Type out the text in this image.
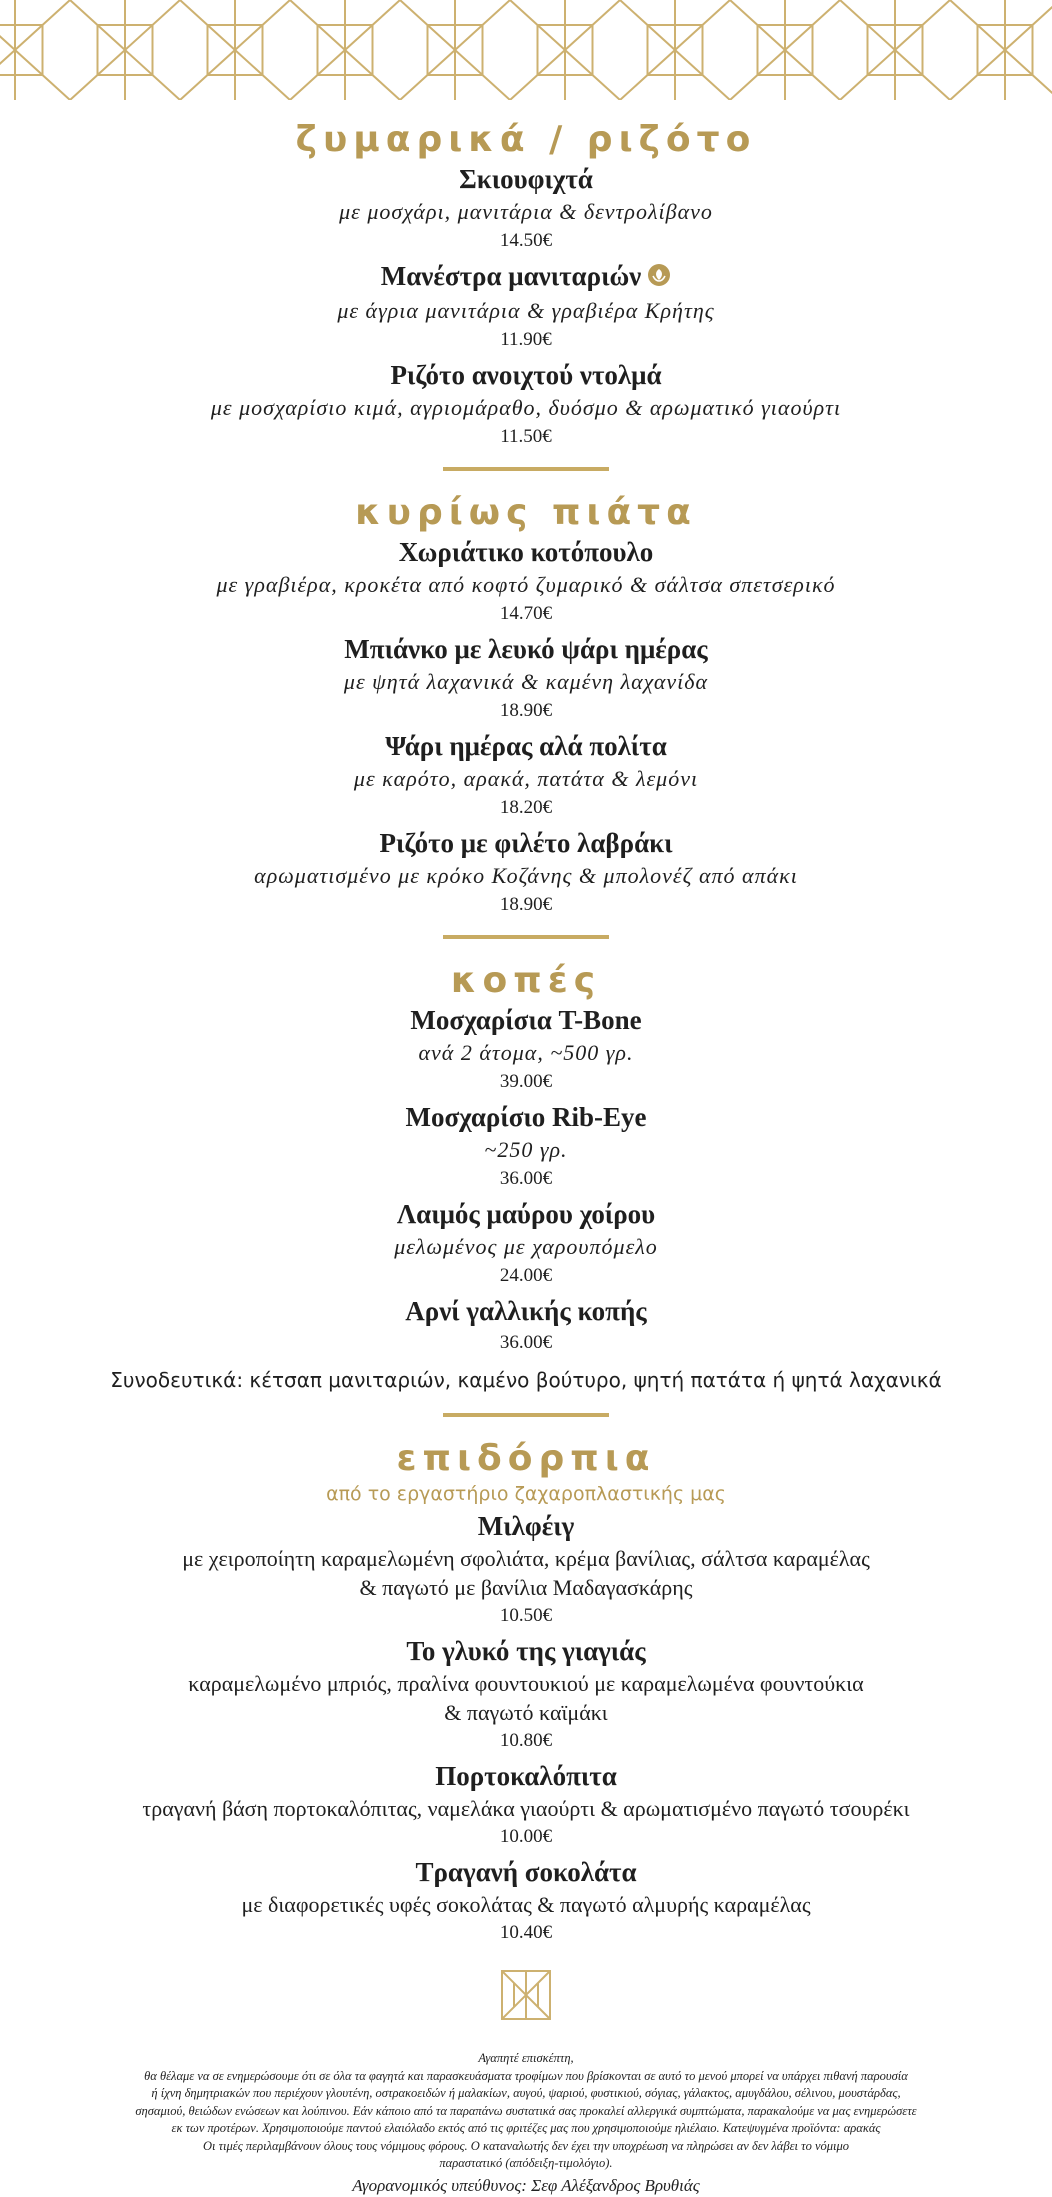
ζυμαρικά / ριζότο
Σκιουφιχτά
με μοσχάρι, μανιτάρια & δεντρολίβανο
14.50€
Μανέστρα μανιταριών
με άγρια μανιτάρια & γραβιέρα Κρήτης
11.90€
Ριζότο ανοιχτού ντολμά
με μοσχαρίσιο κιμά, αγριομάραθο, δυόσμο & αρωματικό γιαούρτι
11.50€
κυρίως πιάτα
Χωριάτικο κοτόπουλο
με γραβιέρα, κροκέτα από κοφτό ζυμαρικό & σάλτσα σπετσερικό
14.70€
Μπιάνκο με λευκό ψάρι ημέρας
με ψητά λαχανικά & καμένη λαχανίδα
18.90€
Ψάρι ημέρας αλά πολίτα
με καρότο, αρακά, πατάτα & λεμόνι
18.20€
Ριζότο με φιλέτο λαβράκι
αρωματισμένο με κρόκο Κοζάνης & μπολονέζ από απάκι
18.90€
κοπές
Μοσχαρίσια T-Bone
ανά 2 άτομα, ~500 γρ.
39.00€
Μοσχαρίσιο Rib-Eye
~250 γρ.
36.00€
Λαιμός μαύρου χοίρου
μελωμένος με χαρουπόμελο
24.00€
Αρνί γαλλικής κοπής
36.00€
Συνοδευτικά: κέτσαπ μανιταριών, καμένο βούτυρο, ψητή πατάτα ή ψητά λαχανικά
επιδόρπια
από το εργαστήριο ζαχαροπλαστικής μας
Μιλφέιγ
με χειροποίητη καραμελωμένη σφολιάτα, κρέμα βανίλιας, σάλτσα καραμέλας
& παγωτό με βανίλια Μαδαγασκάρης
10.50€
Το γλυκό της γιαγιάς
καραμελωμένο μπριός, πραλίνα φουντουκιού με καραμελωμένα φουντούκια
& παγωτό καϊμάκι
10.80€
Πορτοκαλόπιτα
τραγανή βάση πορτοκαλόπιτας, ναμελάκα γιαούρτι & αρωματισμένο παγωτό τσουρέκι
10.00€
Τραγανή σοκολάτα
με διαφορετικές υφές σοκολάτας & παγωτό αλμυρής καραμέλας
10.40€
Αγαπητέ επισκέπτη,
θα θέλαμε να σε ενημερώσουμε ότι σε όλα τα φαγητά και παρασκευάσματα τροφίμων που βρίσκονται σε αυτό το μενού μπορεί να υπάρχει πιθανή παρουσία
ή ίχνη δημητριακών που περιέχουν γλουτένη, οστρακοειδών ή μαλακίων, αυγού, ψαριού, φυστικιού, σόγιας, γάλακτος, αμυγδάλου, σέλινου, μουστάρδας,
σησαμιού, θειώδων ενώσεων και λούπινου. Εάν κάποιο από τα παραπάνω συστατικά σας προκαλεί αλλεργικά συμπτώματα, παρακαλούμε να μας ενημερώσετε
εκ των προτέρων. Χρησιμοποιούμε παντού ελαιόλαδο εκτός από τις φριτέζες μας που χρησιμοποιούμε ηλιέλαιο. Κατεψυγμένα προϊόντα: αρακάς
Οι τιμές περιλαμβάνουν όλους τους νόμιμους φόρους. Ο καταναλωτής δεν έχει την υποχρέωση να πληρώσει αν δεν λάβει το νόμιμο
παραστατικό (απόδειξη-τιμολόγιο).
Αγορανομικός υπεύθυνος: Σεφ Αλέξανδρος Βρυθιάς
